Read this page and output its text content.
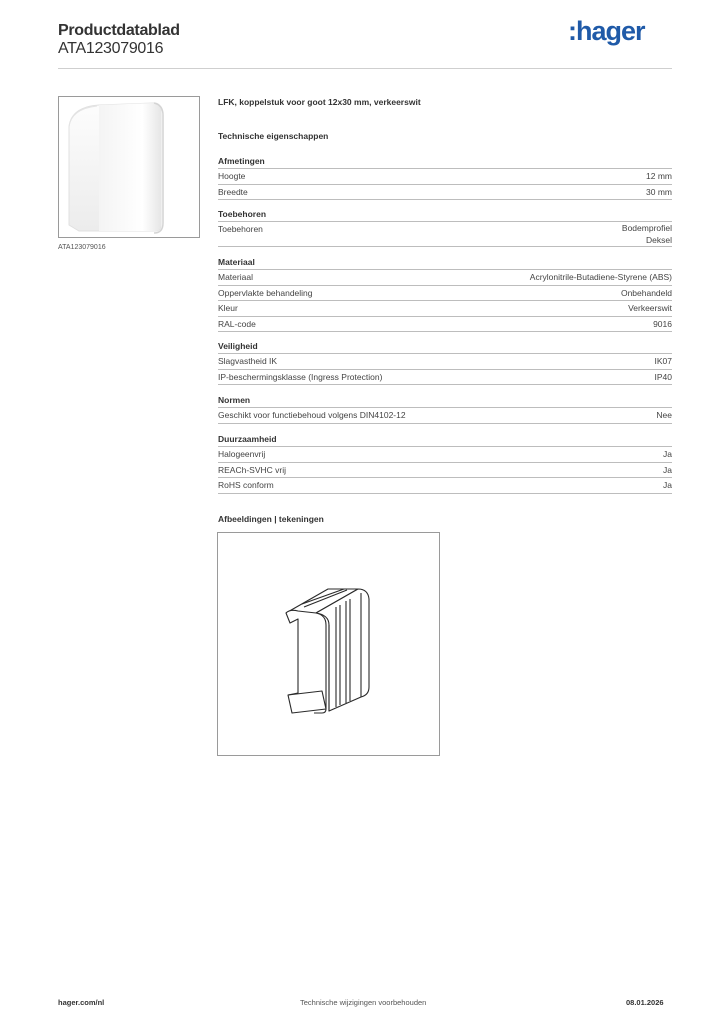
Productdatablad
ATA123079016
:hager
ATA123079016
LFK, koppelstuk voor goot 12x30 mm, verkeerswit
Technische eigenschappen
Afmetingen
Hoogte	12 mm
Breedte	30 mm
Toebehoren
Toebehoren	Bodemprofiel
Deksel
Materiaal
Materiaal	Acrylonitrile-Butadiene-Styrene (ABS)
Oppervlakte behandeling	Onbehandeld
Kleur	Verkeerswit
RAL-code	9016
Veiligheid
Slagvastheid IK	IK07
IP-beschermingsklasse (Ingress Protection)	IP40
Normen
Geschikt voor functiebehoud volgens DIN4102-12	Nee
Duurzaamheid
Halogeenvrij	Ja
REACh-SVHC vrij	Ja
RoHS conform	Ja
Afbeeldingen | tekeningen
hager.com/nl	Technische wijzigingen voorbehouden	08.01.2026
